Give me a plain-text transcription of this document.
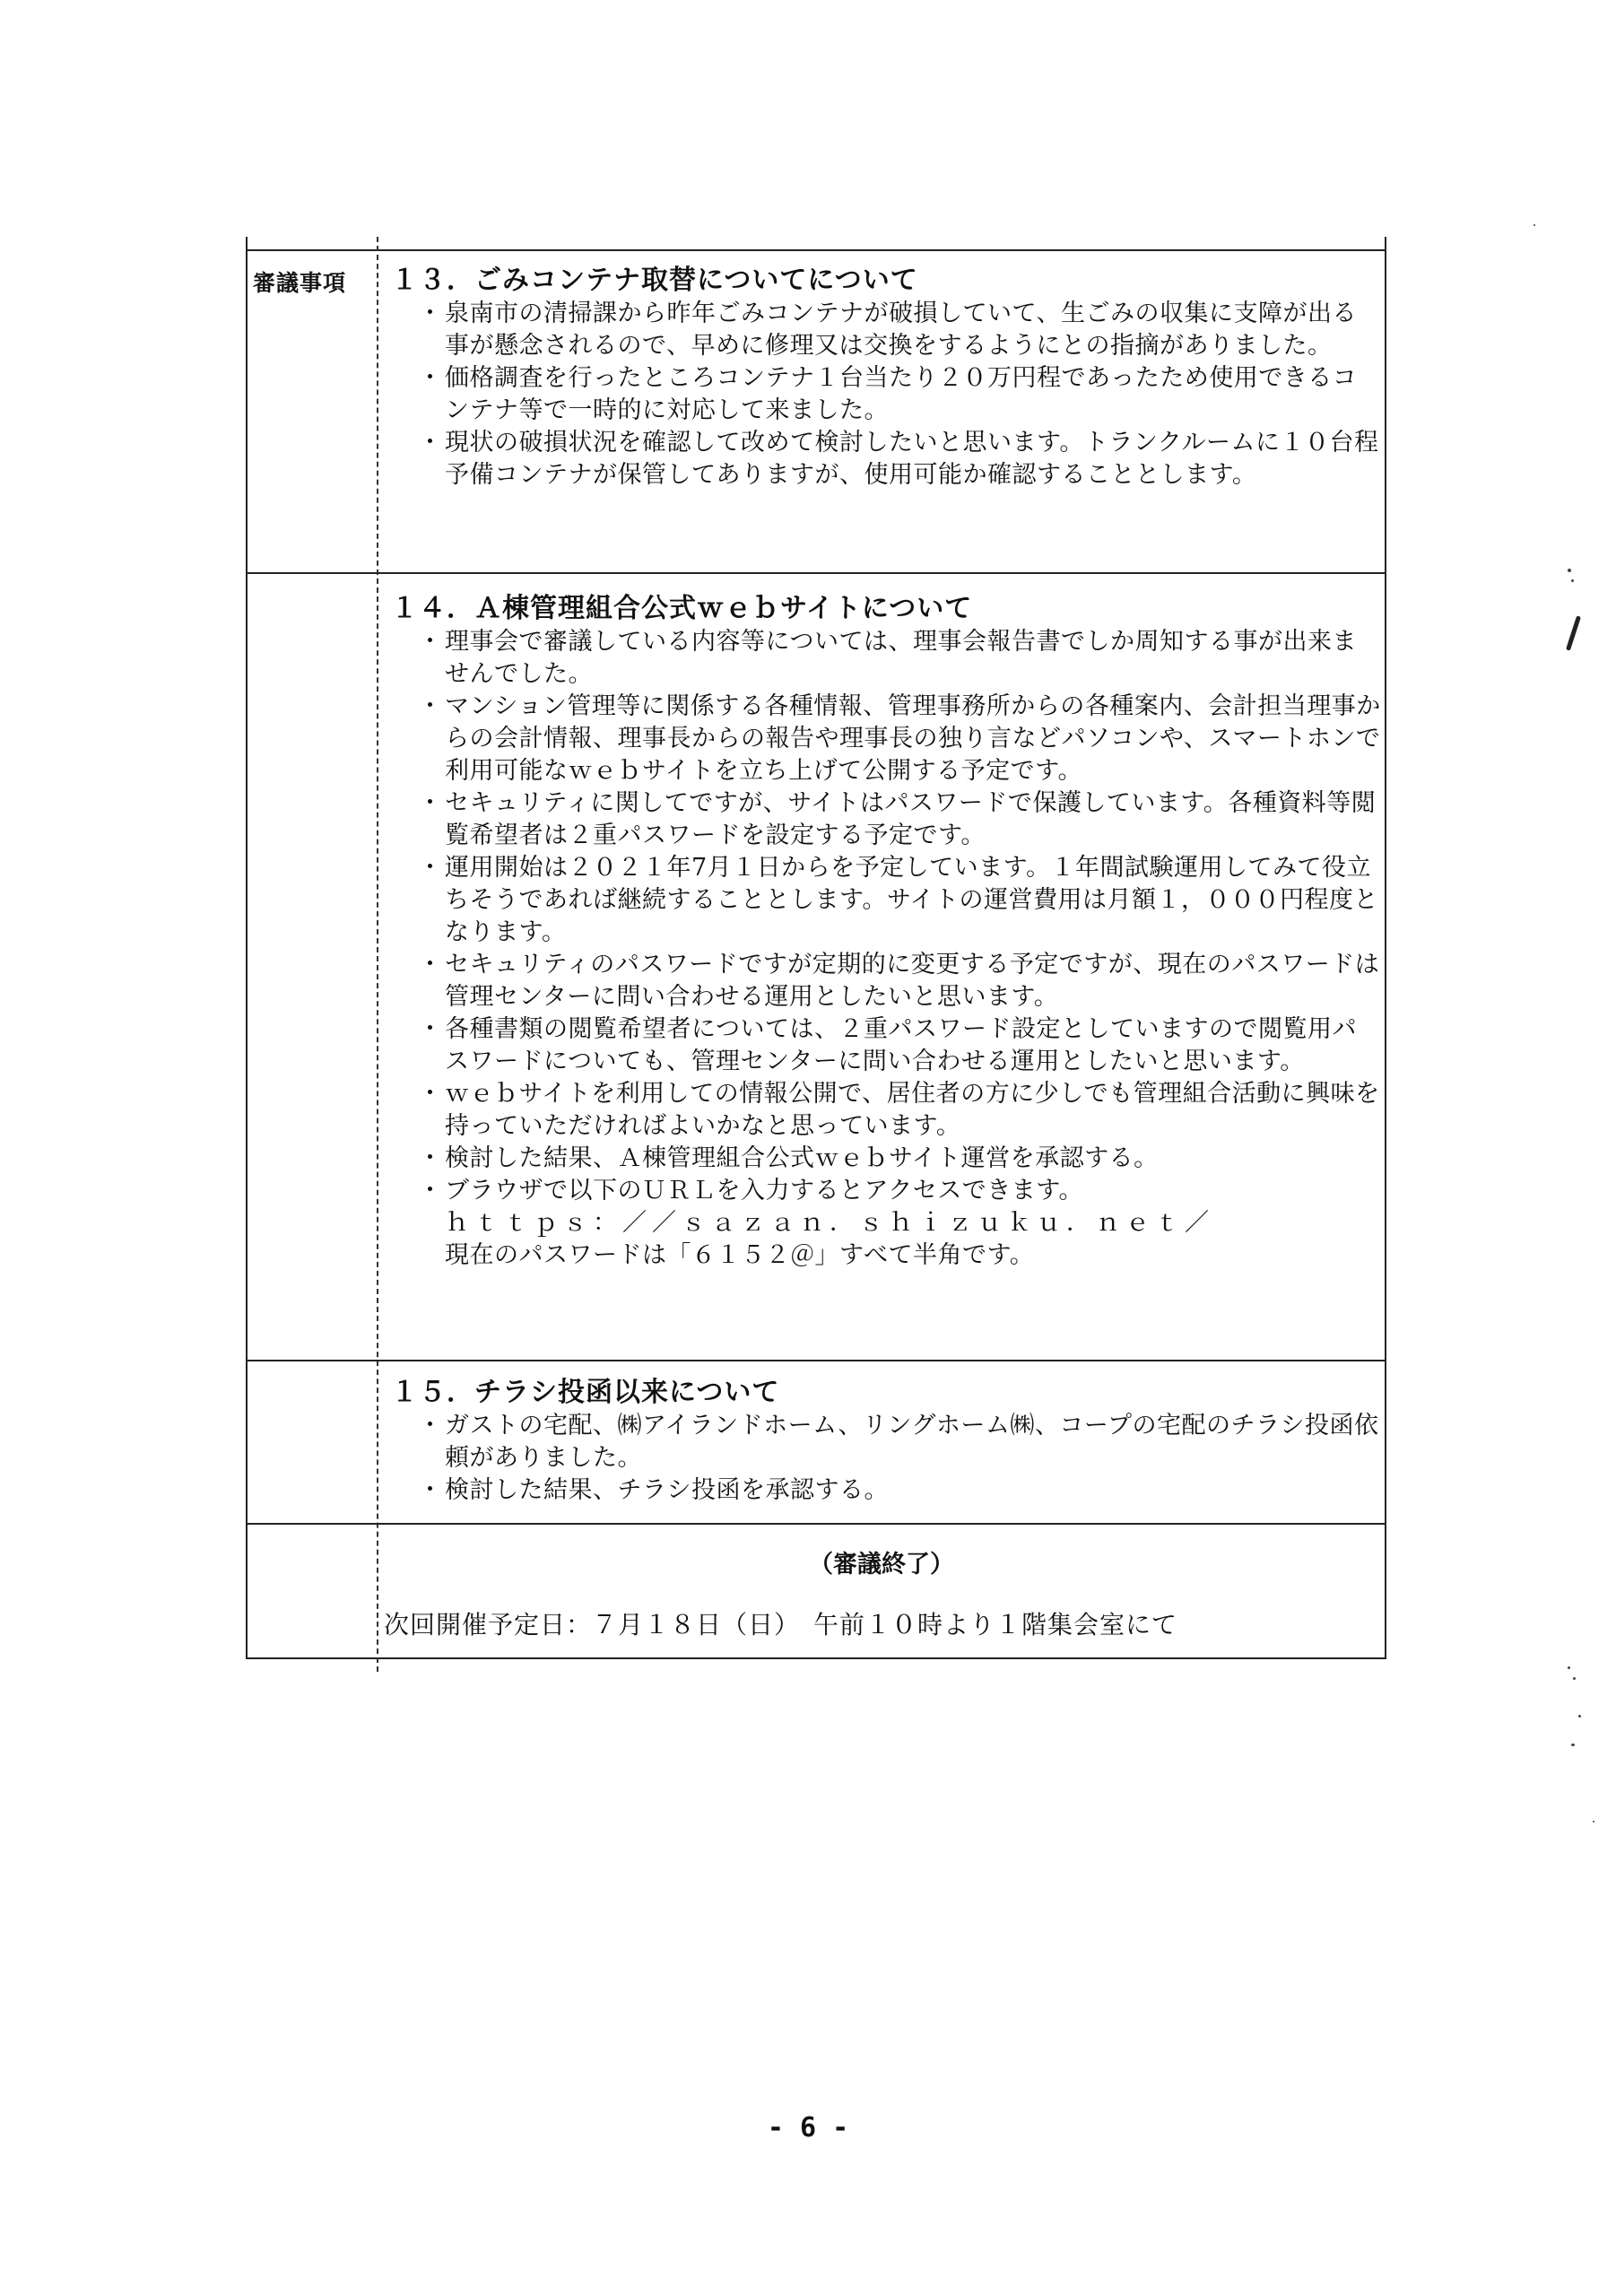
審議事項 １３．ごみコンテナ取替についてについて
・ 泉南市の清掃課から昨年ごみコンテナが破損していて、生ごみの収集に支障が出る事が懸念されるので、早めに修理又は交換をするようにとの指摘がありました。
・ 価格調査を行ったところコンテナ１台当たり２０万円程であったため使用できるコンテナ等で一時的に対応して来ました。
・ 現状の破損状況を確認して改めて検討したいと思います。トランクルームに１０台程予備コンテナが保管してありますが、使用可能か確認することとします。
１４．Ａ棟管理組合公式ｗｅｂサイトについて
・ 理事会で審議している内容等については、理事会報告書でしか周知する事が出来ませんでした。
・ マンション管理等に関係する各種情報、管理事務所からの各種案内、会計担当理事からの会計情報、理事長からの報告や理事長の独り言などパソコンや、スマートホンで利用可能なｗｅｂサイトを立ち上げて公開する予定です。
・ セキュリティに関してですが、サイトはパスワードで保護しています。各種資料等閲覧希望者は２重パスワードを設定する予定です。
・ 運用開始は２０２１年7月１日からを予定しています。１年間試験運用してみて役立ちそうであれば継続することとします。サイトの運営費用は月額１，０００円程度となります。
・ セキュリティのパスワードですが定期的に変更する予定ですが、現在のパスワードは管理センターに問い合わせる運用としたいと思います。
・ 各種書類の閲覧希望者については、２重パスワード設定としていますので閲覧用パスワードについても、管理センターに問い合わせる運用としたいと思います。
・ ｗｅｂサイトを利用しての情報公開で、居住者の方に少しでも管理組合活動に興味を持っていただければよいかなと思っています。
・ 検討した結果、Ａ棟管理組合公式ｗｅｂサイト運営を承認する。
・ ブラウザで以下のＵＲＬを入力するとアクセスできます。
ｈｔｔｐｓ：／／ｓａｚａｎ．ｓｈｉｚｕｋｕ．ｎｅｔ／
現在のパスワードは「６１５２＠」すべて半角です。
１５．チラシ投函以来について
・ ガストの宅配、㈱アイランドホーム、リングホーム㈱、コープの宅配のチラシ投函依頼がありました。
・ 検討した結果、チラシ投函を承認する。
（審議終了）
次回開催予定日：７月１８日（日）　午前１０時より１階集会室にて
- 6 -
